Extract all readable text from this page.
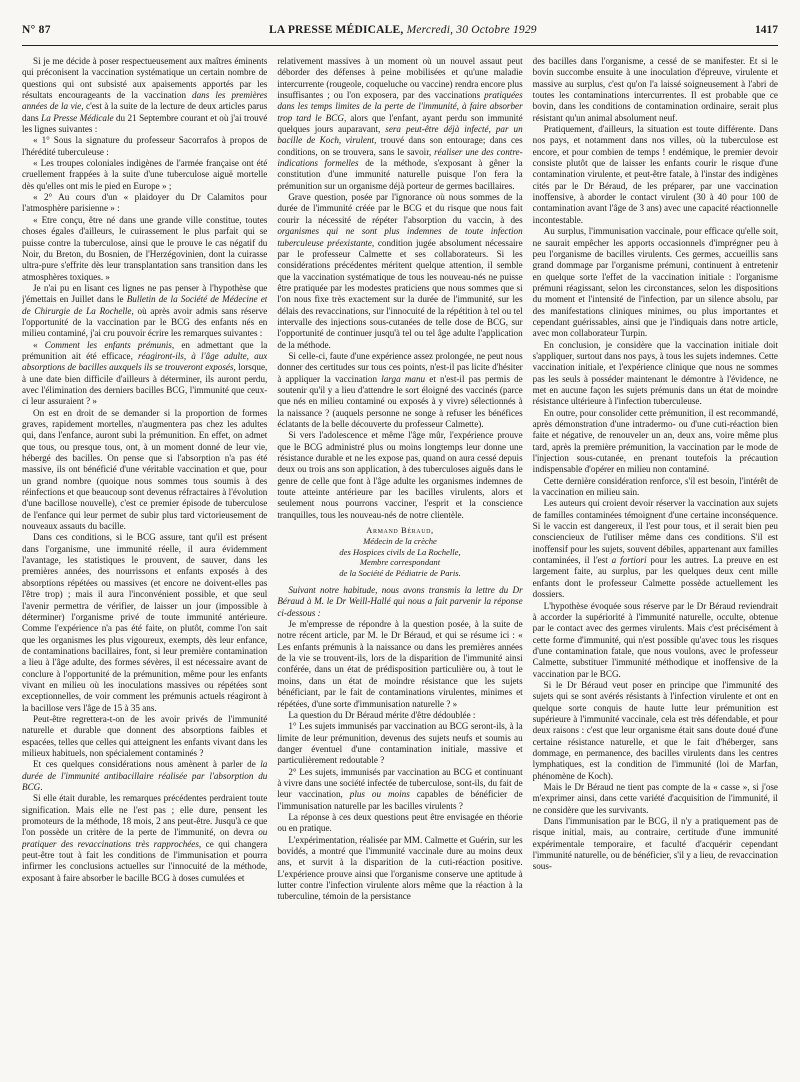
N° 87	LA PRESSE MÉDICALE, Mercredi, 30 Octobre 1929	1417

Si je me décide à poser respectueusement aux maîtres éminents qui préconisent la vaccination systématique un certain nombre de questions qui ont subsisté aux apaisements apportés par les résultats encourageants de la vaccination dans les premières années de la vie, c'est à la suite de la lecture de deux articles parus dans La Presse Médicale du 21 Septembre courant et où j'ai trouvé les lignes suivantes :

« 1° Sous la signature du professeur Sacorrafos à propos de l'hérédité tuberculeuse :

« Les troupes coloniales indigènes de l'armée française ont été cruellement frappées à la suite d'une tuberculose aiguë mortelle dès qu'elles ont mis le pied en Europe » ;

« 2° Au cours d'un « plaidoyer du Dr Calamitos pour l'atmosphère parisienne » :

« Etre conçu, être né dans une grande ville constitue, toutes choses égales d'ailleurs, le cuirassement le plus parfait qui se puisse contre la tuberculose, ainsi que le prouve le cas négatif du Noir, du Breton, du Bosnien, de l'Herzégovinien, dont la cuirasse ultra-pure s'effrite dès leur transplantation sans transition dans les atmosphères toxiques. »

Je n'ai pu en lisant ces lignes ne pas penser à l'hypothèse que j'émettais en Juillet dans le Bulletin de la Société de Médecine et de Chirurgie de La Rochelle, où après avoir admis sans réserve l'opportunité de la vaccination par le BCG des enfants nés en milieu contaminé, j'ai cru pouvoir écrire les remarques suivantes :

« Comment les enfants prémunis, en admettant que la prémunition ait été efficace, réagiront-ils, à l'âge adulte, aux absorptions de bacilles auxquels ils se trouveront exposés, lorsque, à une date bien difficile d'ailleurs à déterminer, ils auront perdu, avec l'élimination des derniers bacilles BCG, l'immunité que ceux-ci leur assuraient ? »

On est en droit de se demander si la proportion de formes graves, rapidement mortelles, n'augmentera pas chez les adultes qui, dans l'enfance, auront subi la prémunition. En effet, on admet que tous, ou presque tous, ont, à un moment donné de leur vie, hébergé des bacilles. On pense que si l'absorption n'a pas été massive, ils ont bénéficié d'une véritable vaccination et que, pour un grand nombre (quoique nous sommes tous soumis à des réinfections et que beaucoup sont devenus réfractaires à l'évolution d'une bacillose nouvelle), c'est ce premier épisode de tuberculose de l'enfance qui leur permet de subir plus tard victorieusement de nouveaux assauts du bacille.

Dans ces conditions, si le BCG assure, tant qu'il est présent dans l'organisme, une immunité réelle, il aura évidemment l'avantage, les statistiques le prouvent, de sauver, dans les premières années, des nourrissons et enfants exposés à des absorptions répétées ou massives (et encore ne doivent-elles pas l'être trop) ; mais il aura l'inconvénient possible, et que seul l'avenir permettra de vérifier, de laisser un jour (impossible à déterminer) l'organisme privé de toute immunité antérieure. Comme l'expérience n'a pas été faite, on plutôt, comme l'on sait que les organismes les plus vigoureux, exempts, dès leur enfance, de contaminations bacillaires, font, si leur première contamination a lieu à l'âge adulte, des formes sévères, il est nécessaire avant de conclure à l'opportunité de la prémunition, même pour les enfants vivant en milieu où les inoculations massives ou répétées sont exceptionnelles, de voir comment les prémunis actuels réagiront à la bacillose vers l'âge de 15 à 35 ans.

Peut-être regrettera-t-on de les avoir privés de l'immunité naturelle et durable que donnent des absorptions faibles et espacées, telles que celles qui atteignent les enfants vivant dans les milieux habituels, non spécialement contaminés ?

Et ces quelques considérations nous amènent à parler de la durée de l'immunité antibacillaire réalisée par l'absorption du BCG.

Si elle était durable, les remarques précédentes perdraient toute signification. Mais elle ne l'est pas ; elle dure, pensent les promoteurs de la méthode, 18 mois, 2 ans peut-être. Jusqu'à ce que l'on possède un critère de la perte de l'immunité, on devra ou pratiquer des revaccinations très rapprochées, ce qui changera peut-être tout à fait les conditions de l'immunisation et pourra infirmer les conclusions actuelles sur l'innocuité de la méthode, exposant à faire absorber le bacille BCG à doses cumulées et

relativement massives à un moment où un nouvel assaut peut déborder des défenses à peine mobilisées et qu'une maladie intercurrente (rougeole, coqueluche ou vaccine) rendra encore plus insuffisantes ; ou l'on exposera, par des vaccinations pratiquées dans les temps limites de la perte de l'immunité, à faire absorber trop tard le BCG, alors que l'enfant, ayant perdu son immunité quelques jours auparavant, sera peut-être déjà infecté, par un bacille de Koch, virulent, trouvé dans son entourage; dans ces conditions, on se trouvera, sans le savoir, réaliser une des contre-indications formelles de la méthode, s'exposant à gêner la constitution d'une immunité naturelle puisque l'on fera la prémunition sur un organisme déjà porteur de germes bacillaires.

Grave question, posée par l'ignorance où nous sommes de la durée de l'immunité créée par le BCG et du risque que nous fait courir la nécessité de répéter l'absorption du vaccin, à des organismes qui ne sont plus indemnes de toute infection tuberculeuse préexistante, condition jugée absolument nécessaire par le professeur Calmette et ses collaborateurs. Si les considérations précédentes méritent quelque attention, il semble que la vaccination systématique de tous les nouveau-nés ne puisse être pratiquée par les modestes praticiens que nous sommes que si l'on nous fixe très exactement sur la durée de l'immunité, sur les délais des revaccinations, sur l'innocuité de la répétition à tel ou tel intervalle des injections sous-cutanées de telle dose de BCG, sur l'opportunité de continuer jusqu'à tel ou tel âge adulte l'application de la méthode.

Si celle-ci, faute d'une expérience assez prolongée, ne peut nous donner des certitudes sur tous ces points, n'est-il pas licite d'hésiter à appliquer la vaccination larga manu et n'est-il pas permis de soutenir qu'il y a lieu d'attendre le sort éloigné des vaccinés (parce que nés en milieu contaminé ou exposés à y vivre) sélectionnés à la naissance ? (auquels personne ne songe à refuser les bénéfices éclatants de la belle découverte du professeur Calmette).

Si vers l'adolescence et même l'âge mûr, l'expérience prouve que le BCG administré plus ou moins longtemps leur donne une résistance durable et ne les expose pas, quand on aura cessé depuis deux ou trois ans son application, à des tuberculoses aiguës dans le genre de celle que font à l'âge adulte les organismes indemnes de toute atteinte antérieure par les bacilles virulents, alors et seulement nous pourrons vacciner, l'esprit et la conscience tranquilles, tous les nouveau-nés de notre clientèle.

Armand Béraud,
Médecin de la crèche
des Hospices civils de La Rochelle,
Membre correspondant
de la Société de Pédiatrie de Paris.

Suivant notre habitude, nous avons transmis la lettre du Dr Béraud à M. le Dr Weill-Hallé qui nous a fait parvenir la réponse ci-dessous :

Je m'empresse de répondre à la question posée, à la suite de notre récent article, par M. le Dr Béraud, et qui se résume ici : « Les enfants prémunis à la naissance ou dans les premières années de la vie se trouvent-ils, lors de la disparition de l'immunité ainsi conférée, dans un état de prédisposition particulière ou, à tout le moins, dans un état de moindre résistance que les sujets bénéficiant, par le fait de contaminations virulentes, minimes et répétées, d'une sorte d'immunisation naturelle ? »

La question du Dr Béraud mérite d'être dédoublée :

1° Les sujets immunisés par vaccination au BCG seront-ils, à la limite de leur prémunition, devenus des sujets neufs et soumis au danger éventuel d'une contamination initiale, massive et particulièrement redoutable ?

2° Les sujets, immunisés par vaccination au BCG et continuant à vivre dans une société infectée de tuberculose, sont-ils, du fait de leur vaccination, plus ou moins capables de bénéficier de l'immunisation naturelle par les bacilles virulents ?

La réponse à ces deux questions peut être envisagée en théorie ou en pratique.

L'expérimentation, réalisée par MM. Calmette et Guérin, sur les bovidés, a montré que l'immunité vaccinale dure au moins deux ans, et survit à la disparition de la cuti-réaction positive. L'expérience prouve ainsi que l'organisme conserve une aptitude à lutter contre l'infection virulente alors même que la réaction à la tuberculine, témoin de la persistance

des bacilles dans l'organisme, a cessé de se manifester. Et si le bovin succombe ensuite à une inoculation d'épreuve, virulente et massive au surplus, c'est qu'on l'a laissé soigneusement à l'abri de toutes les contaminations intercurrentes. Il est probable que ce bovin, dans les conditions de contamination ordinaire, serait plus résistant qu'un animal absolument neuf.

Pratiquement, d'ailleurs, la situation est toute différente. Dans nos pays, et notamment dans nos villes, où la tuberculose est encore, et pour combien de temps ! endémique, le premier devoir consiste plutôt que de laisser les enfants courir le risque d'une contamination virulente, et peut-être fatale, à l'instar des indigènes cités par le Dr Béraud, de les préparer, par une vaccination inoffensive, à aborder le contact virulent (30 à 40 pour 100 de contamination avant l'âge de 3 ans) avec une capacité réactionnelle incontestable.

Au surplus, l'immunisation vaccinale, pour efficace qu'elle soit, ne saurait empêcher les apports occasionnels d'imprégner peu à peu l'organisme de bacilles virulents. Ces germes, accueillis sans grand dommage par l'organisme prémuni, continuent à entretenir en quelque sorte l'effet de la vaccination initiale : l'organisme prémuni réagissant, selon les circonstances, selon les dispositions du moment et l'intensité de l'infection, par un silence absolu, par des manifestations cliniques minimes, ou plus importantes et cependant guérissables, ainsi que je l'indiquais dans notre article, avec mon collaborateur Turpin.

En conclusion, je considère que la vaccination initiale doit s'appliquer, surtout dans nos pays, à tous les sujets indemnes. Cette vaccination initiale, et l'expérience clinique que nous ne sommes pas les seuls à posséder maintenant le démontre à l'évidence, ne met en aucune façon les sujets prémunis dans un état de moindre résistance ultérieure à l'infection tuberculeuse.

En outre, pour consolider cette prémunition, il est recommandé, après démonstration d'une intradermo- ou d'une cuti-réaction bien faite et négative, de renouveler un an, deux ans, voire même plus tard, après la première prémunition, la vaccination par le mode de l'injection sous-cutanée, en prenant toutefois la précaution indispensable d'opérer en milieu non contaminé.

Cette dernière considération renforce, s'il est besoin, l'intérêt de la vaccination en milieu sain.

Les auteurs qui croient devoir réserver la vaccination aux sujets de familles contaminées témoignent d'une certaine inconséquence. Si le vaccin est dangereux, il l'est pour tous, et il serait bien peu consciencieux de l'utiliser même dans ces conditions. S'il est inoffensif pour les sujets, souvent débiles, appartenant aux familles contaminées, il l'est a fortiori pour les autres. La preuve en est largement faite, au surplus, par les quelques deux cent mille enfants dont le professeur Calmette possède actuellement les dossiers.

L'hypothèse évoquée sous réserve par le Dr Béraud reviendrait à accorder la supériorité à l'immunité naturelle, occulte, obtenue par le contact avec des germes virulents. Mais c'est précisément à cette forme d'immunité, qui n'est possible qu'avec tous les risques d'une contamination fatale, que nous voulons, avec le professeur Calmette, substituer l'immunité méthodique et inoffensive de la vaccination par le BCG.

Si le Dr Béraud veut poser en principe que l'immunité des sujets qui se sont avérés résistants à l'infection virulente et ont en quelque sorte conquis de haute lutte leur prémunition est supérieure à l'immunité vaccinale, cela est très défendable, et pour deux raisons : c'est que leur organisme était sans doute doué d'une certaine résistance naturelle, et que le fait d'héberger, sans dommage, en permanence, des bacilles virulents dans les centres lymphatiques, est la condition de l'immunité (loi de Marfan, phénomène de Koch).

Mais le Dr Béraud ne tient pas compte de la « casse », si j'ose m'exprimer ainsi, dans cette variété d'acquisition de l'immunité, il ne considère que les survivants.

Dans l'immunisation par le BCG, il n'y a pratiquement pas de risque initial, mais, au contraire, certitude d'une immunité expérimentale temporaire, et faculté d'acquérir cependant l'immunité naturelle, ou de bénéficier, s'il y a lieu, de revaccination sous-
